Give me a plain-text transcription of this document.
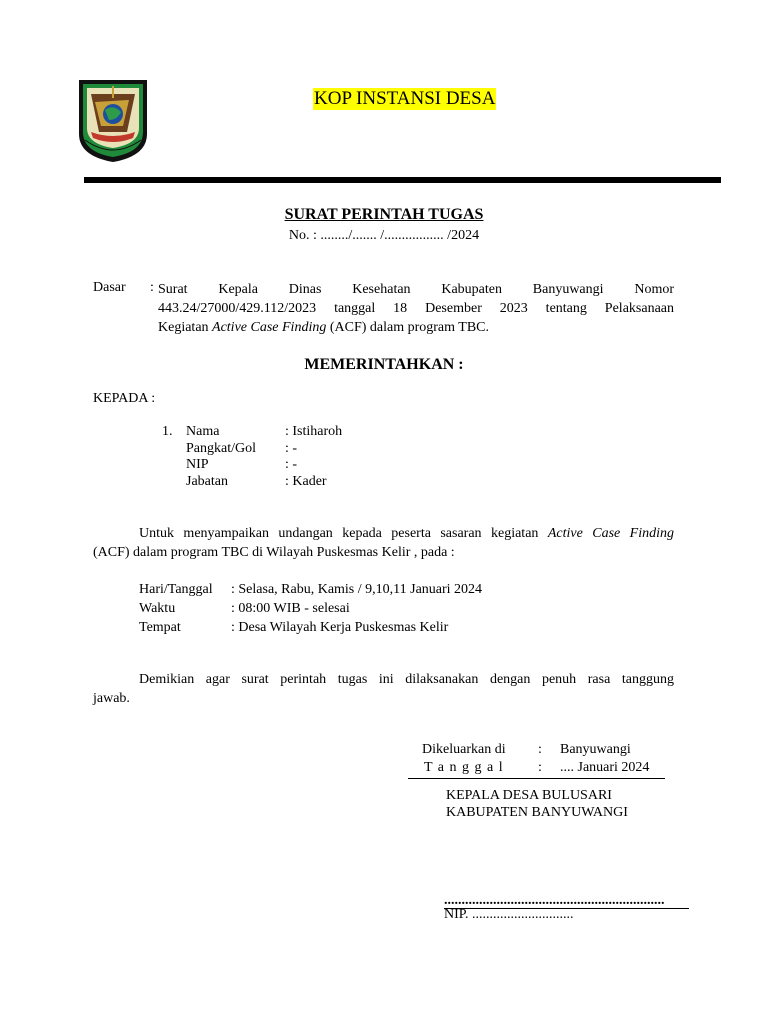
KOP INSTANSI DESA
SURAT PERINTAH TUGAS
No. : ......../....... /................. /2024
Dasar : Surat Kepala Dinas Kesehatan Kabupaten Banyuwangi Nomor
443.24/27000/429.112/2023 tanggal 18 Desember 2023 tentang Pelaksanaan
Kegiatan Active Case Finding (ACF) dalam program TBC.
MEMERINTAHKAN :
KEPADA :
1. Nama	: Istiharoh
Pangkat/Gol : -
NIP	: -
Jabatan	: Kader
Untuk menyampaikan undangan kepada peserta sasaran kegiatan Active Case Finding
(ACF) dalam program TBC di Wilayah Puskesmas Kelir , pada :
Hari/Tanggal : Selasa, Rabu, Kamis / 9,10,11 Januari 2024
Waktu	: 08:00 WIB - selesai
Tempat	: Desa Wilayah Kerja Puskesmas Kelir
Demikian agar surat perintah tugas ini dilaksanakan dengan penuh rasa tanggung
jawab.
Dikeluarkan di : Banyuwangi
T a n g g a l : .... Januari 2024
KEPALA DESA BULUSARI
KABUPATEN BANYUWANGI
...............................................................
NIP. .............................
